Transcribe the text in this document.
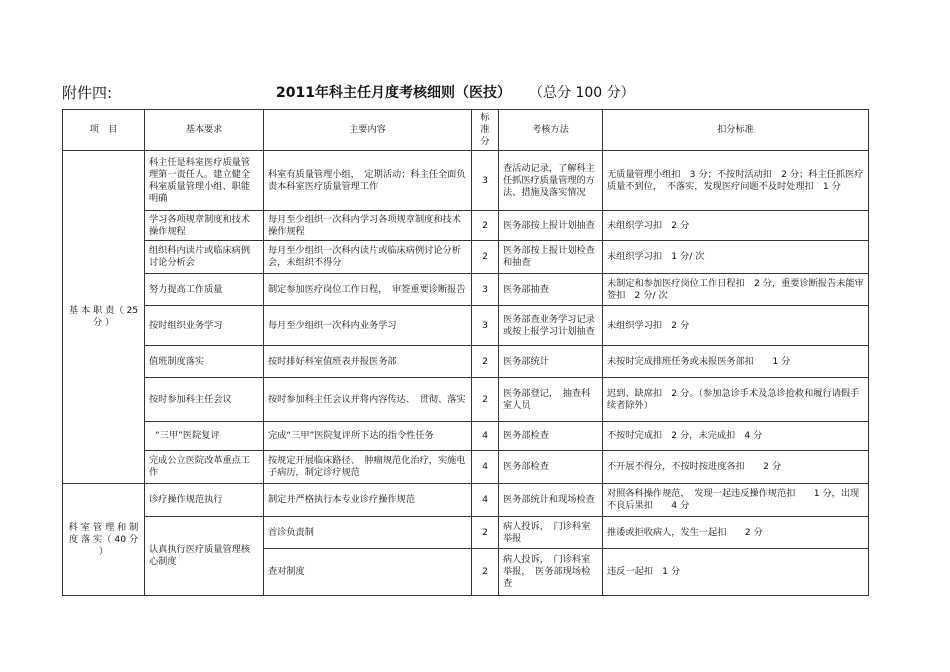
附件四:	2011年科主任月度考核细则（医技） （总分 100 分）
项　目	基本要求	主要内容	标准分	考核方法	扣分标准
基 本 职 责（ 25 分 ）	科主任是科室医疗质量管理第一责任人。建立健全科室质量管理小组、职能明确	科室有质量管理小组，　定期活动；科主任全面负责本科室医疗质量管理工作	3	查活动记录，了解科主任抓医疗质量管理的方法、措施及落实情况	无质量管理小组扣　3 分；不按时活动扣　2 分；科主任抓医疗质量不到位，　不落实，发现医疗问题不及时处理扣　1 分
	学习各项规章制度和技术操作规程	每月至少组织一次科内学习各项规章制度和技术操作规程	2	医务部按上报计划抽查	未组织学习扣　2 分
	组织科内读片或临床病例讨论分析会	每月至少组织一次科内读片或临床病例讨论分析会，未组织不得分	2	医务部按上报计划检查和抽查	未组织学习扣　1 分/ 次
	努力提高工作质量	制定参加医疗岗位工作日程，　审签重要诊断报告	3	医务部抽查	未制定和参加医疗岗位工作日程扣　2 分，重要诊断报告未能审签扣　2 分/ 次
	按时组织业务学习	每月至少组织一次科内业务学习	3	医务部查业务学习记录或按上报学习计划抽查	未组织学习扣　2 分
	值班制度落实	按时排好科室值班表并报医务部	2	医务部统计	未按时完成排班任务或未报医务部扣　　1 分
	按时参加科主任会议	按时参加科主任会议并将内容传达、　贯彻、落实	2	医务部登记，　抽查科室人员	迟到、缺席扣　2 分。（参加急诊手术及急诊抢救和履行请假手续者除外）
	“三甲”医院复评	完成“三甲”医院复评所下达的指令性任务	4	医务部检查	不按时完成扣　2 分，未完成扣　4 分
	完成公立医院改革重点工作	按规定开展临床路径、　肿瘤规范化治疗，实施电子病历，制定诊疗规范	4	医务部检查	不开展不得分，不按时按进度各扣　　2 分
科 室 管 理 和 制 度 落 实（ 40 分 ）	诊疗操作规范执行	制定并严格执行本专业诊疗操作规范	4	医务部统计和现场检查	对照各科操作规范，　发现一起违反操作规范扣　　1 分，出现不良后果扣　　4 分
	认真执行医疗质量管理核心制度	首诊负责制	2	病人投诉，　门诊科室举报	推诿或拒收病人，发生一起扣　　2 分
		查对制度	2	病人投诉，　门诊科室举报，　医务部现场检查	违反一起扣　1 分
